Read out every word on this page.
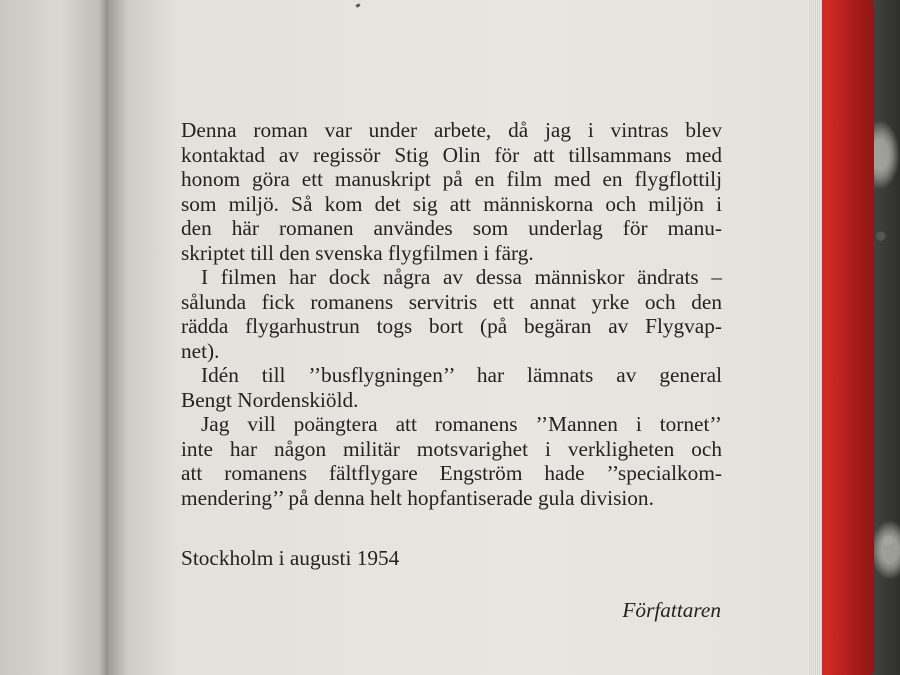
Denna roman var under arbete, då jag i vintras blev

kontaktad av regissör Stig Olin för att tillsammans med

honom göra ett manuskript på en film med en flygflottilj

som miljö. Så kom det sig att människorna och miljön i

den här romanen användes som underlag för manu-

skriptet till den svenska flygfilmen i färg.

I filmen har dock några av dessa människor ändrats –

sålunda fick romanens servitris ett annat yrke och den

rädda flygarhustrun togs bort (på begäran av Flygvap-

net).

Idén till ’’busflygningen’’ har lämnats av general

Bengt Nordenskiöld.

Jag vill poängtera att romanens ’’Mannen i tornet’’

inte har någon militär motsvarighet i verkligheten och

att romanens fältflygare Engström hade ’’specialkom-

mendering’’ på denna helt hopfantiserade gula division.

Stockholm i augusti 1954
Författaren
